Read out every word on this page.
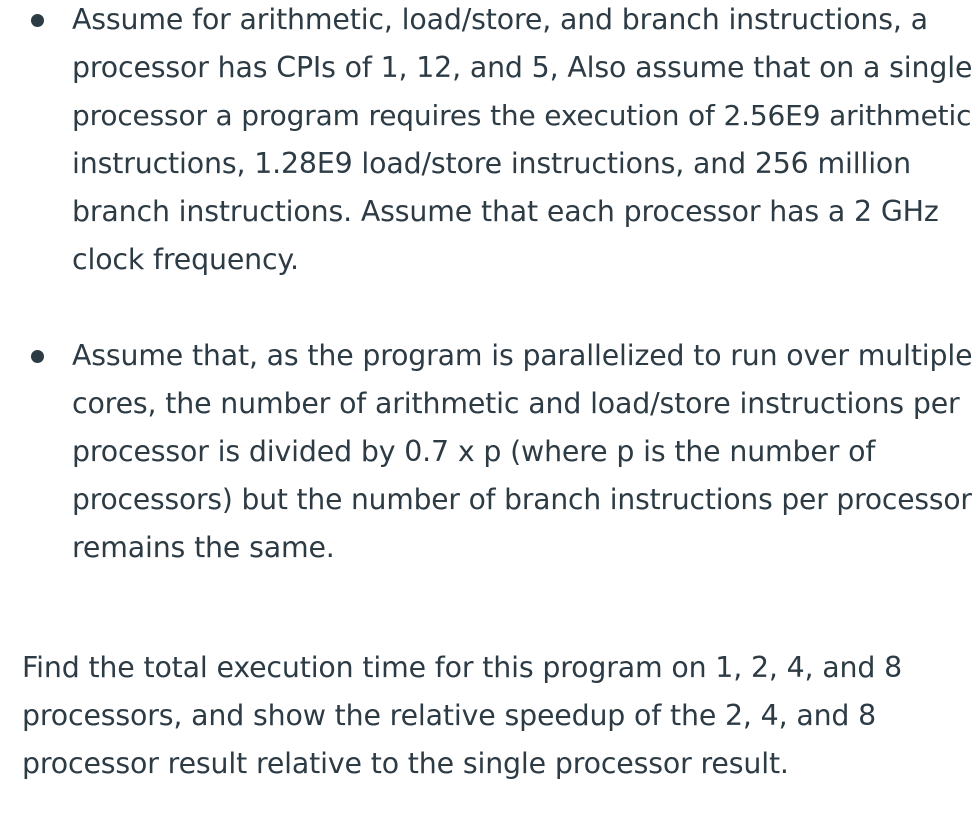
Assume for arithmetic, load/store, and branch instructions, a
processor has CPIs of 1, 12, and 5, Also assume that on a single
processor a program requires the execution of 2.56E9 arithmetic
instructions, 1.28E9 load/store instructions, and 256 million
branch instructions. Assume that each processor has a 2 GHz
clock frequency.
Assume that, as the program is parallelized to run over multiple
cores, the number of arithmetic and load/store instructions per
processor is divided by 0.7 x p (where p is the number of
processors) but the number of branch instructions per processor
remains the same.
Find the total execution time for this program on 1, 2, 4, and 8
processors, and show the relative speedup of the 2, 4, and 8
processor result relative to the single processor result.
